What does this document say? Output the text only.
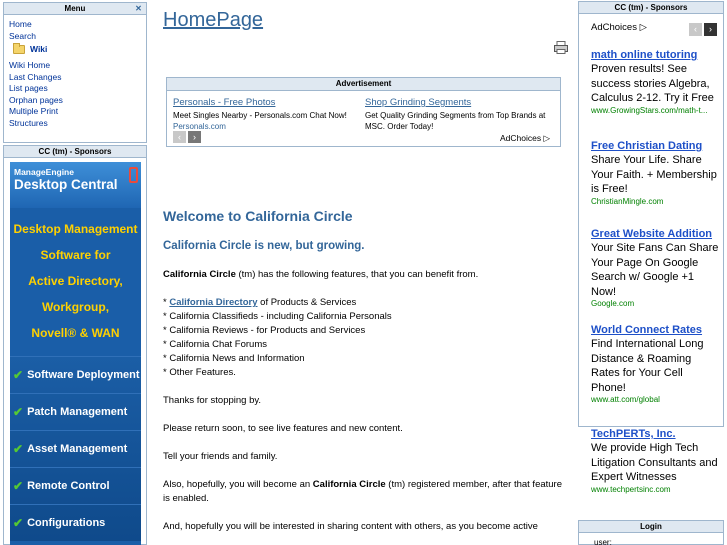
Menu	✕
Home
Search
Wiki
Wiki Home
Last Changes
List pages
Orphan pages
Multiple Print
Structures
CC (tm) - Sponsors
ManageEngine
Desktop Central
Desktop Management
Software for
Active Directory,
Workgroup,
Novell® & WAN
✔ Software Deployment
✔ Patch Management
✔ Asset Management
✔ Remote Control
✔ Configurations
HomePage
Advertisement
Personals - Free Photos
Meet Singles Nearby - Personals.com Chat Now!
Personals.com
Shop Grinding Segments
Get Quality Grinding Segments from Top Brands at MSC. Order Today!
‹	›	AdChoices ▷
Welcome to California Circle
California Circle is new, but growing.
California Circle (tm) has the following features, that you can benefit from.
* California Directory of Products & Services
* California Classifieds - including California Personals
* California Reviews - for Products and Services
* California Chat Forums
* California News and Information
* Other Features.
Thanks for stopping by.
Please return soon, to see live features and new content.
Tell your friends and family.
Also, hopefully, you will become an California Circle (tm) registered member, after that feature is enabled.
And, hopefully you will be interested in sharing content with others, as you become active
CC (tm) - Sponsors
AdChoices ▷	‹	›
math online tutoring
Proven results! See success stories Algebra, Calculus 2-12. Try it Free
www.GrowingStars.com/math-t...
Free Christian Dating
Share Your Life. Share Your Faith. + Membership is Free!
ChristianMingle.com
Great Website Addition
Your Site Fans Can Share Your Page On Google Search w/ Google +1 Now!
Google.com
World Connect Rates
Find International Long Distance & Roaming Rates for Your Cell Phone!
www.att.com/global
TechPERTs, Inc.
We provide High Tech Litigation Consultants and Expert Witnesses
www.techpertsinc.com
Login
user:
